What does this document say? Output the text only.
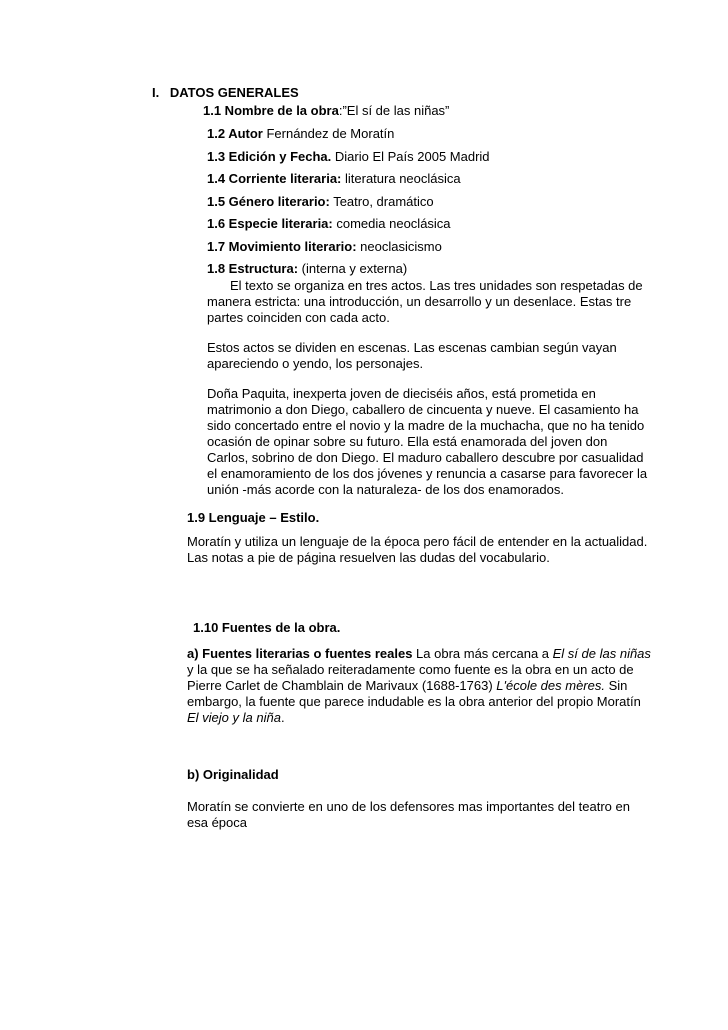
I. DATOS GENERALES
1.1 Nombre de la obra:”El sí de las niñas”
1.2 Autor Fernández de Moratín
1.3 Edición y Fecha. Diario El País 2005 Madrid
1.4 Corriente literaria: literatura neoclásica
1.5 Género literario: Teatro, dramático
1.6 Especie literaria: comedia neoclásica
1.7 Movimiento literario: neoclasicismo
1.8 Estructura: (interna y externa)
El texto se organiza en tres actos. Las tres unidades son respetadas de
manera estricta: una introducción, un desarrollo y un desenlace. Estas tre
partes coinciden con cada acto.
Estos actos se dividen en escenas. Las escenas cambian según vayan
apareciendo o yendo, los personajes.
Doña Paquita, inexperta joven de dieciséis años, está prometida en
matrimonio a don Diego, caballero de cincuenta y nueve. El casamiento ha
sido concertado entre el novio y la madre de la muchacha, que no ha tenido
ocasión de opinar sobre su futuro. Ella está enamorada del joven don
Carlos, sobrino de don Diego. El maduro caballero descubre por casualidad
el enamoramiento de los dos jóvenes y renuncia a casarse para favorecer la
unión -más acorde con la naturaleza- de los dos enamorados.
1.9 Lenguaje – Estilo.
Moratín y utiliza un lenguaje de la época pero fácil de entender en la actualidad.
Las notas a pie de página resuelven las dudas del vocabulario.
1.10 Fuentes de la obra.
a) Fuentes literarias o fuentes reales La obra más cercana a El sí de las niñas
y la que se ha señalado reiteradamente como fuente es la obra en un acto de
Pierre Carlet de Chamblain de Marivaux (1688-1763) L'école des mères. Sin
embargo, la fuente que parece indudable es la obra anterior del propio Moratín
El viejo y la niña.
b) Originalidad
Moratín se convierte en uno de los defensores mas importantes del teatro en
esa época
